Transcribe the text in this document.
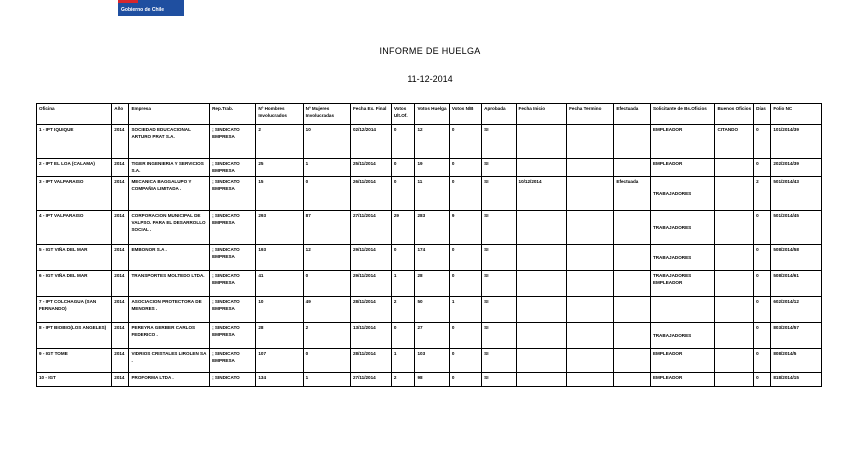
Gobierno de Chile
INFORME DE HUELGA
11-12-2014
Oficina	Año	Empresa	Rep.Trab.	Nº Hombres Involucrados	Nº Mujeres Involucradas	Fecha Ex. Final	Votos Ult.Of.	Votos Huelga	Votos N/B	Aprobada	Fecha Inicio	Fecha Termino	Efectuada	Solicitante de Bs.Oficios	Buenos Oficios	Días	Folio NC
1 - IPT IQUIQUE	2014	SOCIEDAD EDUCACIONAL ARTURO PRAT S.A.	; SINDICATO EMPRESA	2	10	02/12/2014	0	12	0	SI				EMPLEADOR	CITANDO	0	101/2014/39
2 - IPT EL LOA (CALAMA)	2014	TIGER INGENIERIA Y SERVICIOS S.A.	; SINDICATO EMPRESA	25	1	25/11/2014	0	19	0	SI				EMPLEADOR		0	202/2014/39
3 - IPT VALPARAISO	2014	MECANICA BAGGALUPO Y COMPAÑIA LIMITADA .	; SINDICATO EMPRESA	15	0	26/11/2014	0	11	0	SI	10/12/2014		Efectuada	TRABAJADORES		2	501/2014/43
4 - IPT VALPARAISO	2014	CORPORACION MUNICIPAL DE VALPSO. PARA EL DESARROLLO SOCIAL .	; SINDICATO EMPRESA	293	87	27/11/2014	29	283	9	SI				TRABAJADORES		0	501/2014/45
5 - IGT VIÑA DEL MAR	2014	EMBONOR S.A .	; SINDICATO EMPRESA	193	12	29/11/2014	0	174	0	SI				TRABAJADORES		0	508/2014/58
6 - IGT VIÑA DEL MAR	2014	TRANSPORTES MOLTEDO LTDA.	; SINDICATO EMPRESA	41	0	29/11/2014	1	28	0	SI				TRABAJADORES EMPLEADOR		0	508/2014/61
7 - IPT COLCHAGUA (SAN FERNANDO)	2014	ASOCIACION PROTECTORA DE MENORES .	; SINDICATO EMPRESA	10	49	28/11/2014	2	50	1	SI						0	602/2014/12
8 - IPT BIOBIO(LOS ANGELES)	2014	PEREYRA GERBER CARLOS FEDERICO .	; SINDICATO EMPRESA	28	2	13/11/2014	0	27	0	SI				TRABAJADORES		0	803/2014/57
9 - IGT TOME	2014	VIDRIOS CRISTALES LIROLEN SA .	; SINDICATO EMPRESA	107	0	28/11/2014	1	103	0	SI				EMPLEADOR		0	808/2014/5
10 - IGT	2014	PROFORMA LTDA .	; SINDICATO	134	1	27/11/2014	2	98	0	SI				EMPLEADOR		0	818/2014/15
